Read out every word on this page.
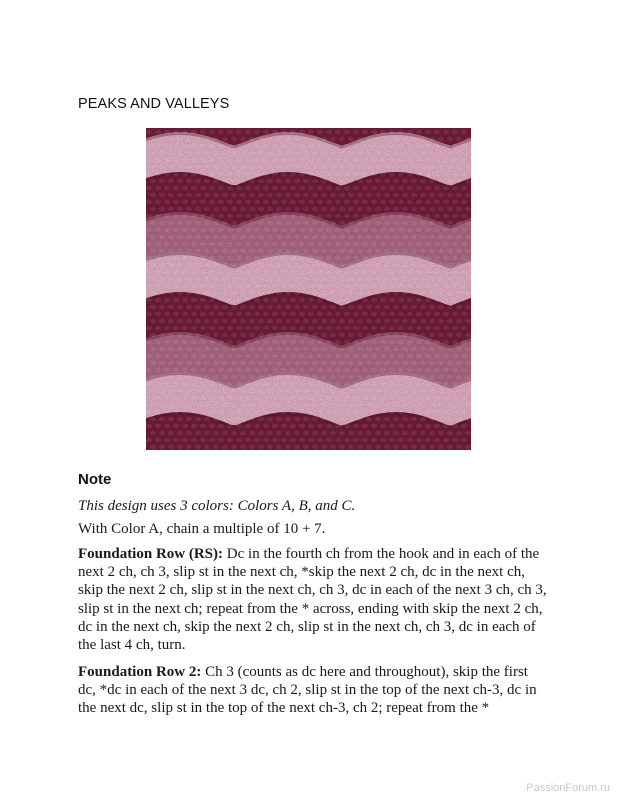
PEAKS AND VALLEYS
Note
This design uses 3 colors: Colors A, B, and C.
With Color A, chain a multiple of 10 + 7.
Foundation Row (RS): Dc in the fourth ch from the hook and in each of the next 2 ch, ch 3, slip st in the next ch, *skip the next 2 ch, dc in the next ch, skip the next 2 ch, slip st in the next ch, ch 3, dc in each of the next 3 ch, ch 3, slip st in the next ch; repeat from the * across, ending with skip the next 2 ch, dc in the next ch, skip the next 2 ch, slip st in the next ch, ch 3, dc in each of the last 4 ch, turn.
Foundation Row 2: Ch 3 (counts as dc here and throughout), skip the first dc, *dc in each of the next 3 dc, ch 2, slip st in the top of the next ch-3, dc in the next dc, slip st in the top of the next ch-3, ch 2; repeat from the *
PassionForum.ru
